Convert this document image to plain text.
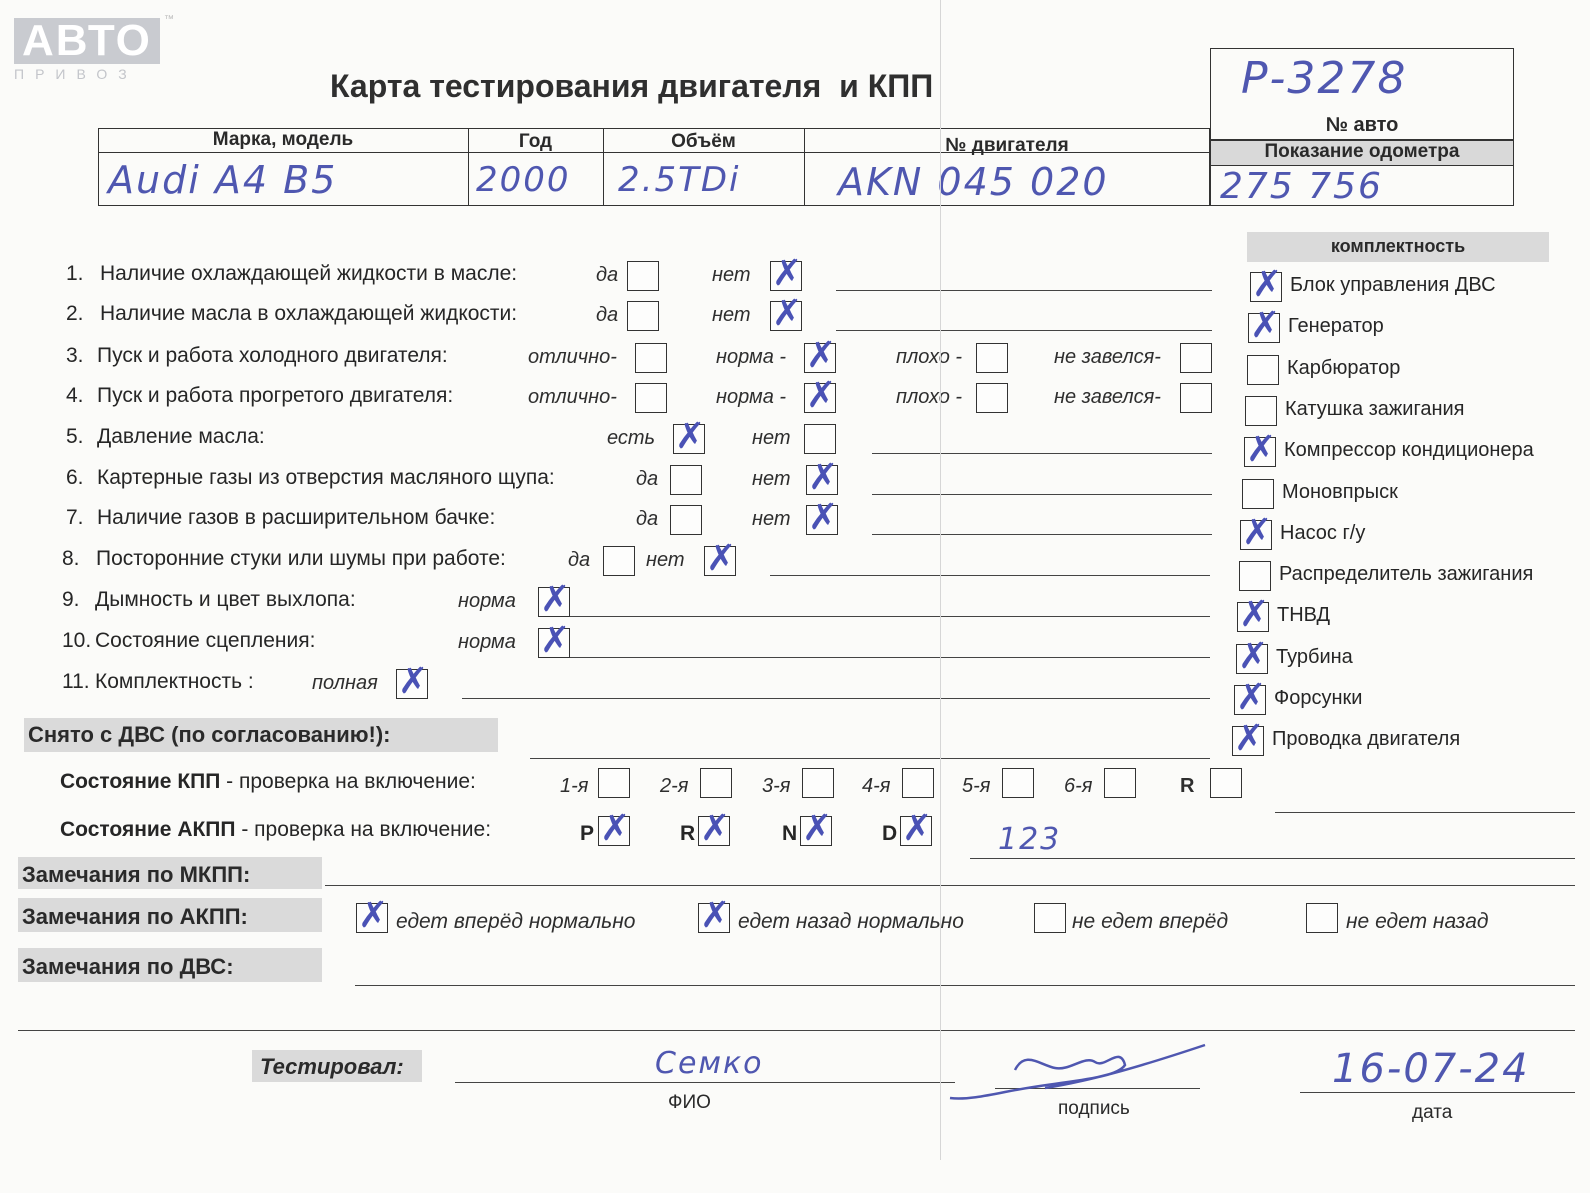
АВТО
ПРИВОЗ
™
Карта тестирования двигателя  и КПП	Р-3278
№ авто
Марка, модель	Год	Объём	№ двигателя	Показание одометра
Audi A4 B5	2000 2.5TDi	AKN 045 020	275 756
1. Наличие охлаждающей жидкости в масле:	да	нет ✗
2. Наличие масла в охлаждающей жидкости:	да	нет ✗
3. Пуск и работа холодного двигателя:	отлично-	норма - ✗	плохо -	не завелся-
4. Пуск и работа прогретого двигателя:	отлично-	норма - ✗	плохо -	не завелся-
5. Давление масла:	есть ✗ нет
6. Картерные газы из отверстия масляного щупа:	да	нет ✗
7. Наличие газов в расширительном бачке:	да	нет ✗
8. Посторонние стуки или шумы при работе:	да	нет ✗
9. Дымность и цвет выхлопа:	норма ✗
10. Состояние сцепления:	норма ✗
11. Комплектность :	полная ✗
комплектность
✗ Блок управления ДВС
✗ Генератор
Карбюратор
Катушка зажигания
✗ Компрессор кондиционера
Моновпрыск
✗ Насос г/у
Распределитель зажигания
✗ ТНВД
✗ Турбина
✗ Форсунки
✗ Проводка двигателя
Снято с ДВС (по согласованию!):
Состояние КПП - проверка на включение:	1-я	2-я	3-я	4-я	5-я	6-я	R
Состояние АКПП - проверка на включение:	P ✗ R ✗ N ✗ D ✗ 123
Замечания по МКПП:
Замечания по АКПП:	✗ едет вперёд нормально ✗ едет назад нормально	не едет вперёд	не едет назад
Замечания по ДВС:
Тестировал:	Семко
ФИО	подпись
16-07-24
дата
